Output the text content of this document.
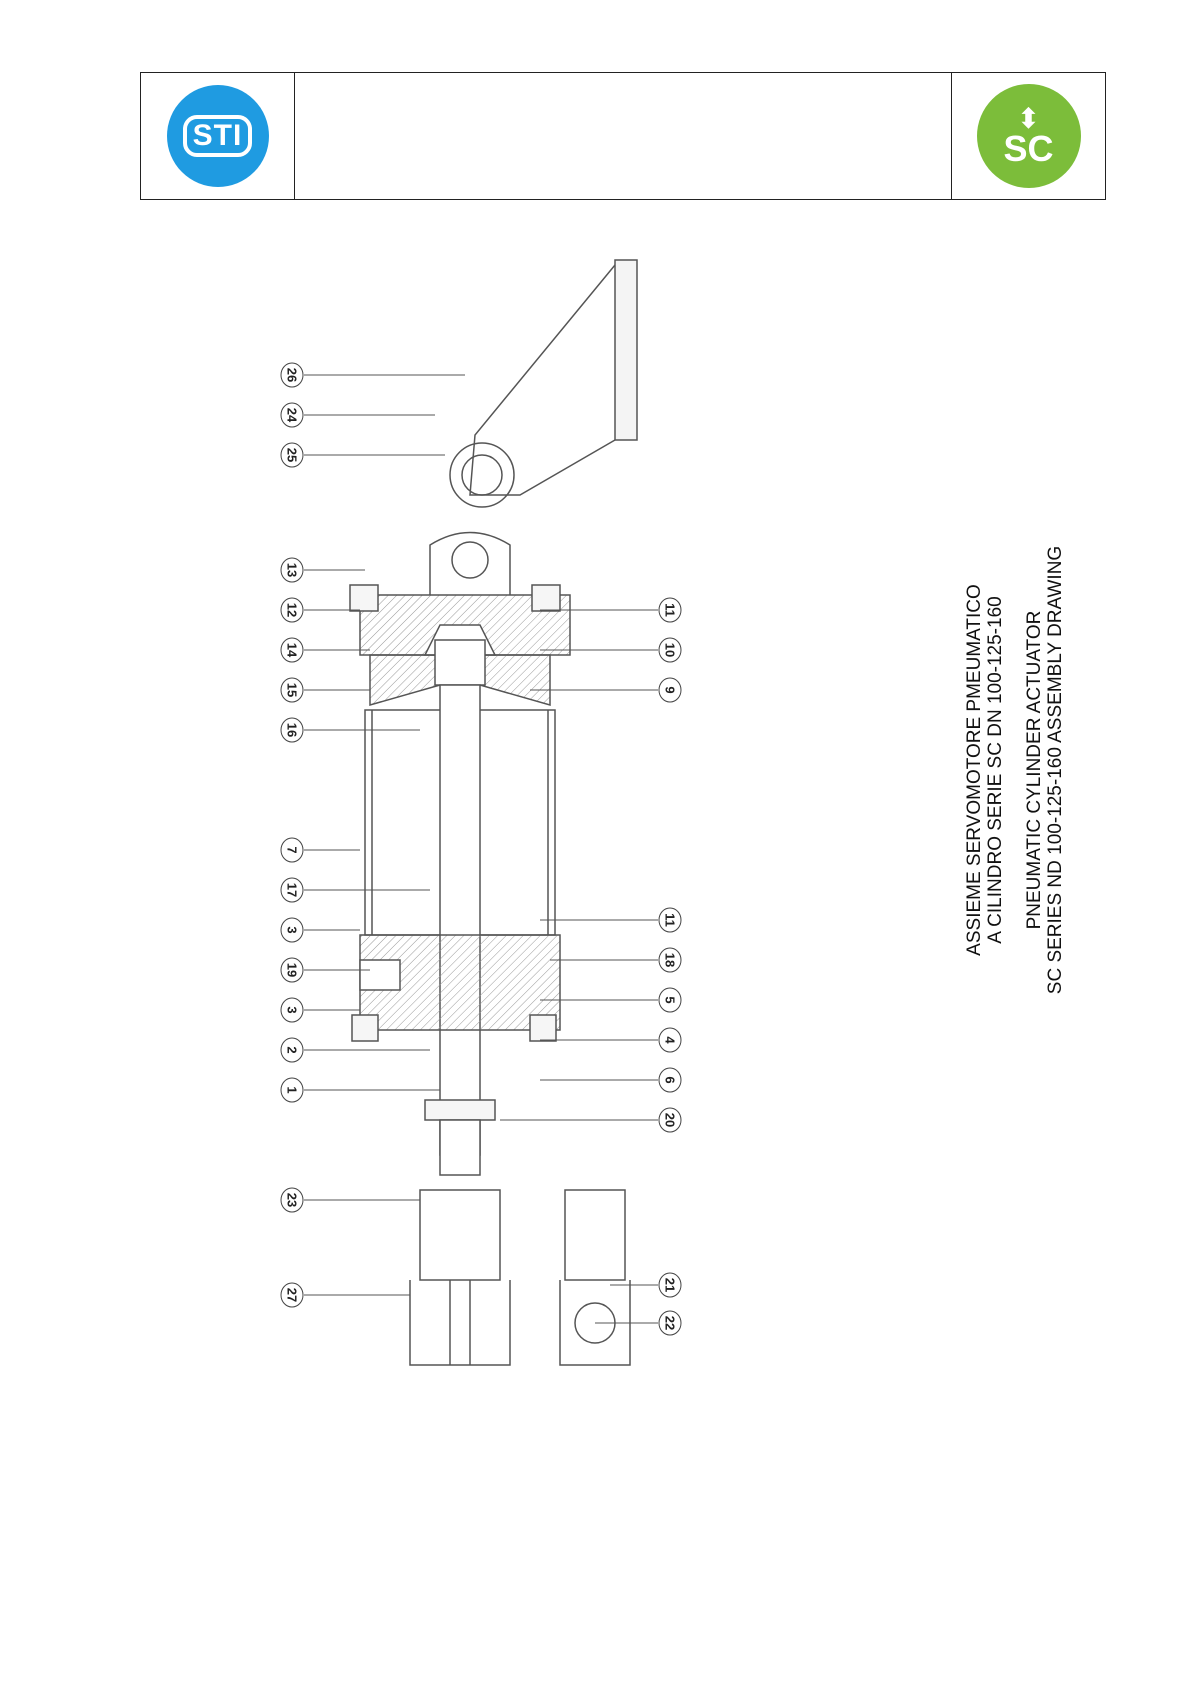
STI
⬍
SC
26
24
25
13
12
14
15
16
7
17
3
19
3
2
1
23
27
11
10
9
11
18
5
4
6
20
21
22
ASSIEME SERVOMOTORE PMEUMATICO A CILINDRO SERIE SC DN 100-125-160 PNEUMATIC CYLINDER ACTUATOR SC SERIES ND 100-125-160 ASSEMBLY DRAWING
